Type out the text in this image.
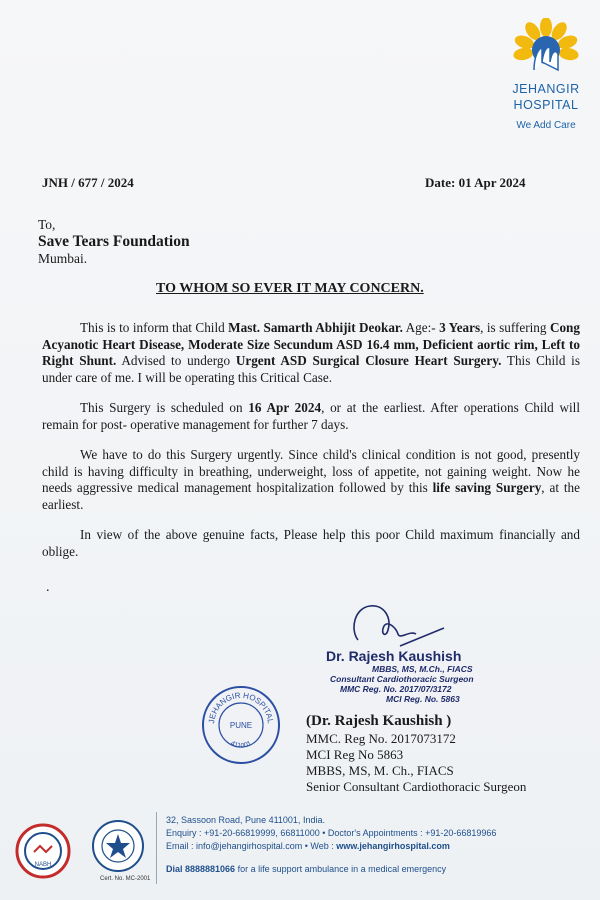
JEHANGIR
HOSPITAL
We Add Care
JNH / 677 / 2024	Date: 01 Apr 2024
To,
Save Tears Foundation
Mumbai.
TO WHOM SO EVER IT MAY CONCERN.

This is to inform that Child Mast. Samarth Abhijit Deokar. Age:- 3 Years, is suffering Cong Acyanotic Heart Disease, Moderate Size Secundum ASD 16.4 mm, Deficient aortic rim, Left to Right Shunt. Advised to undergo Urgent ASD Surgical Closure Heart Surgery. This Child is under care of me. I will be operating this Critical Case.

This Surgery is scheduled on 16 Apr 2024, or at the earliest. After operations Child will remain for post- operative management for further 7 days.

We have to do this Surgery urgently. Since child's clinical condition is not good, presently child is having difficulty in breathing, underweight, loss of appetite, not gaining weight. Now he needs aggressive medical management hospitalization followed by this life saving Surgery, at the earliest.

In view of the above genuine facts, Please help this poor Child maximum financially and oblige.

.
Dr. Rajesh Kaushish
MBBS, MS, M.Ch., FIACS
Consultant Cardiothoracic Surgeon
MMC Reg. No. 2017/07/3172
MCI Reg. No. 5863
JEHANGIR HOSPITAL
PUNE
411001
(Dr. Rajesh Kaushish )
MMC. Reg No. 2017073172
MCI Reg No 5863
MBBS, MS, M. Ch., FIACS
Senior Consultant Cardiothoracic Surgeon
NABH
Cert. No. MC-2001
32, Sassoon Road, Pune 411001, India.
Enquiry : +91-20-66819999, 66811000 • Doctor's Appointments : +91-20-66819966
Email : info@jehangirhospital.com • Web : www.jehangirhospital.com
Dial 8888881066 for a life support ambulance in a medical emergency
